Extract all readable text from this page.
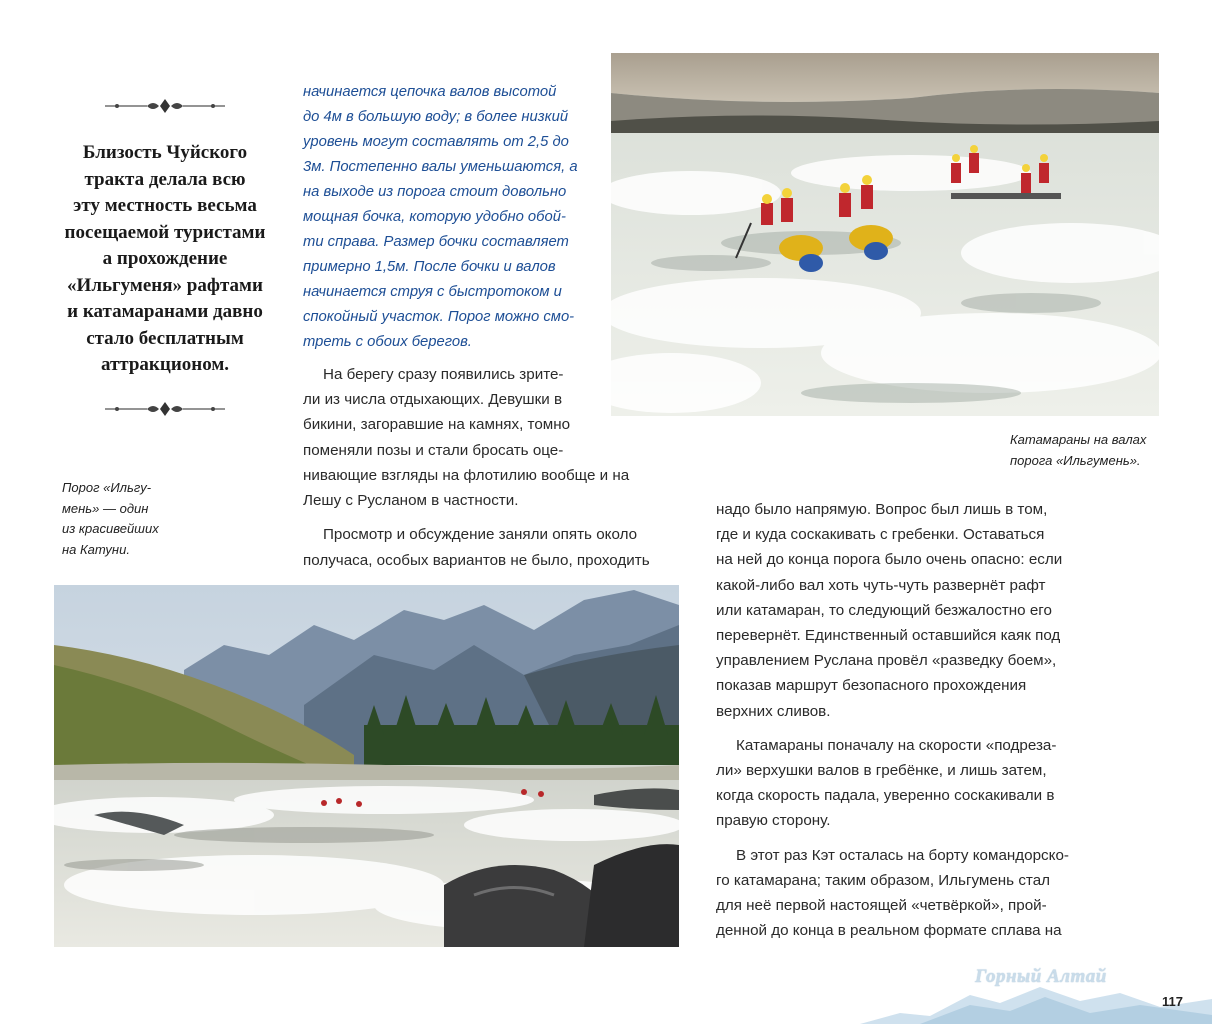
Близость Чуйского
тракта делала всю
эту местность весьма
посещаемой туристами
а прохождение
«Ильгуменя» рафтами
и катамаранами давно
стало бесплатным
аттракционом.
Порог «Ильгу-
мень» — один
из красивейших
на Катуни.
начинается цепочка валов высотой
до 4м в большую воду; в более низкий
уровень могут составлять от 2,5 до
3м. Постепенно валы уменьшаются, а
на выходе из порога стоит довольно
мощная бочка, которую удобно обой-
ти справа. Размер бочки составляет
примерно 1,5м. После бочки и валов
начинается струя с быстротоком и
спокойный участок. Порог можно смо-
треть с обоих берегов.
На берегу сразу появились зрите-
ли из числа отдыхающих. Девушки в
бикини, загоравшие на камнях, томно
поменяли позы и стали бросать оце-
нивающие взгляды на флотилию вообще и на
Лешу с Русланом в частности.
Просмотр и обсуждение заняли опять около
получаса, особых вариантов не было, проходить
Катамараны на валах
порога «Ильгумень».
надо было напрямую. Вопрос был лишь в том,
где и куда соскакивать с гребенки. Оставаться
на ней до конца порога было очень опасно: если
какой-либо вал хоть чуть-чуть развернёт рафт
или катамаран, то следующий безжалостно его
перевернёт. Единственный оставшийся каяк под
управлением Руслана провёл «разведку боем»,
показав маршрут безопасного прохождения
верхних сливов.
Катамараны поначалу на скорости «подреза-
ли» верхушки валов в гребёнке, и лишь затем,
когда скорость падала, уверенно соскакивали в
правую сторону.
В этот раз Кэт осталась на борту командорско-
го катамарана; таким образом, Ильгумень стал
для неё первой настоящей «четвёркой», прой-
денной до конца в реальном формате сплава на
Горный Алтай
117
